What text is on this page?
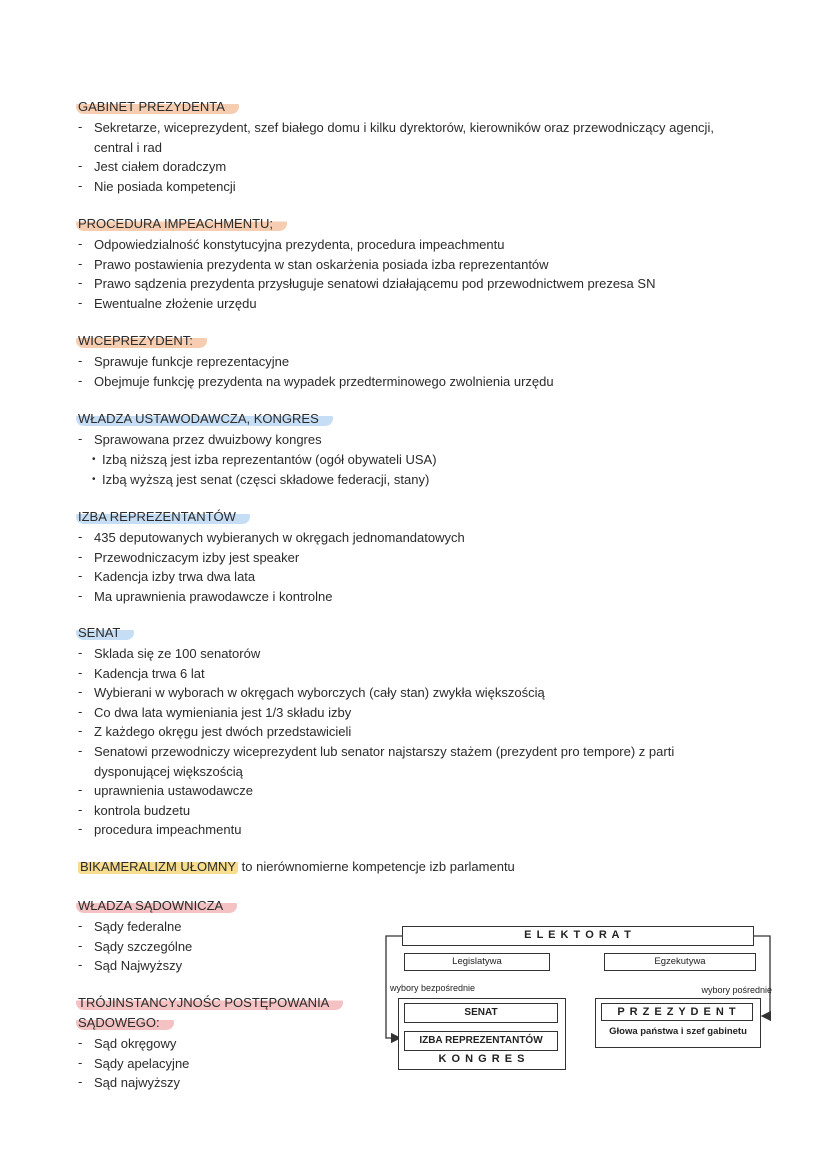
GABINET PREZYDENTA
- Sekretarze, wiceprezydent, szef białego domu i kilku dyrektorów, kierowników oraz przewodniczący agencji, central i rad
- Jest ciałem doradczym
- Nie posiada kompetencji
PROCEDURA IMPEACHMENTU;
- Odpowiedzialność konstytucyjna prezydenta, procedura impeachmentu
- Prawo postawienia prezydenta w stan oskarżenia posiada izba reprezentantów
- Prawo sądzenia prezydenta przysługuje senatowi działającemu pod przewodnictwem prezesa SN
- Ewentualne złożenie urzędu
WICEPREZYDENT:
- Sprawuje funkcje reprezentacyjne
- Obejmuje funkcję prezydenta na wypadek przedterminowego zwolnienia urzędu
WŁADZA USTAWODAWCZA, KONGRES
- Sprawowana przez dwuizbowy kongres
• Izbą niższą jest izba reprezentantów (ogół obywateli USA)
• Izbą wyższą jest senat (częsci składowe federacji, stany)
IZBA REPREZENTANTÓW
- 435 deputowanych wybieranych w okręgach jednomandatowych
- Przewodniczacym izby jest speaker
- Kadencja izby trwa dwa lata
- Ma uprawnienia prawodawcze i kontrolne
SENAT
- Sklada się ze 100 senatorów
- Kadencja trwa 6 lat
- Wybierani w wyborach w okręgach wyborczych (cały stan) zwykła większością
- Co dwa lata wymieniania jest 1/3 składu izby
- Z każdego okręgu jest dwóch przedstawicieli
- Senatowi przewodniczy wiceprezydent lub senator najstarszy stażem (prezydent pro tempore) z parti dysponującej większością
- uprawnienia ustawodawcze
- kontrola budzetu
- procedura impeachmentu
BIKAMERALIZM UŁOMNY to nierównomierne kompetencje izb parlamentu
WŁADZA SĄDOWNICZA
- Sądy federalne
- Sądy szczególne
- Sąd Najwyższy
TRÓJINSTANCYJNOŚC POSTĘPOWANIA
SĄDOWEGO:
- Sąd okręgowy
- Sądy apelacyjne
- Sąd najwyższy
E L E K T O R A T
Legislatywa	Egzekutywa
wybory bezpośrednie	wybory pośrednie
SENAT
IZBA REPREZENTANTÓW
K O N G R E S
P R Z E Z Y D E N T
Głowa państwa i szef gabinetu
